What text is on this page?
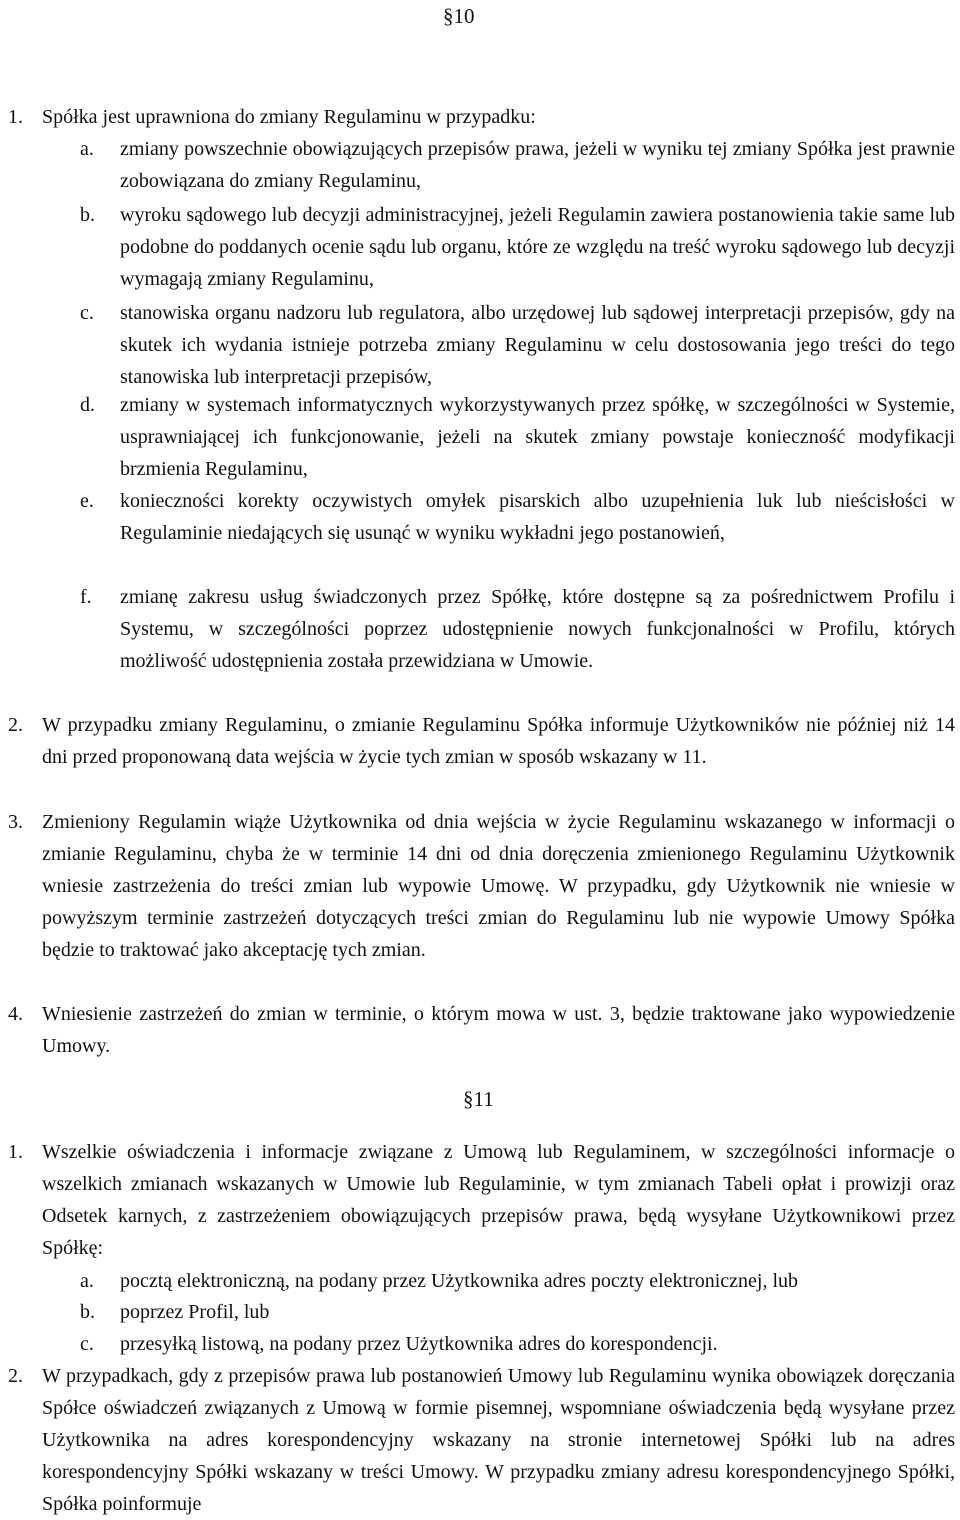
§10
1. Spółka jest uprawniona do zmiany Regulaminu w przypadku:

a. zmiany powszechnie obowiązujących przepisów prawa, jeżeli w wyniku tej zmiany Spółka jest prawnie zobowiązana do zmiany Regulaminu,

b. wyroku sądowego lub decyzji administracyjnej, jeżeli Regulamin zawiera postanowienia takie same lub podobne do poddanych ocenie sądu lub organu, które ze względu na treść wyroku sądowego lub decyzji wymagają zmiany Regulaminu,

c. stanowiska organu nadzoru lub regulatora, albo urzędowej lub sądowej interpretacji przepisów, gdy na skutek ich wydania istnieje potrzeba zmiany Regulaminu w celu dostosowania jego treści do tego stanowiska lub interpretacji przepisów,

d. zmiany w systemach informatycznych wykorzystywanych przez spółkę, w szczególności w Systemie, usprawniającej ich funkcjonowanie, jeżeli na skutek zmiany powstaje konieczność modyfikacji brzmienia Regulaminu,

e. konieczności korekty oczywistych omyłek pisarskich albo uzupełnienia luk lub nieścisłości w Regulaminie niedających się usunąć w wyniku wykładni jego postanowień,

f. zmianę zakresu usług świadczonych przez Spółkę, które dostępne są za pośrednictwem Profilu i Systemu, w szczególności poprzez udostępnienie nowych funkcjonalności w Profilu, których możliwość udostępnienia została przewidziana w Umowie.

2. W przypadku zmiany Regulaminu, o zmianie Regulaminu Spółka informuje Użytkowników nie później niż 14 dni przed proponowaną data wejścia w życie tych zmian w sposób wskazany w 11.

3. Zmieniony Regulamin wiąże Użytkownika od dnia wejścia w życie Regulaminu wskazanego w informacji o zmianie Regulaminu, chyba że w terminie 14 dni od dnia doręczenia zmienionego Regulaminu Użytkownik wniesie zastrzeżenia do treści zmian lub wypowie Umowę. W przypadku, gdy Użytkownik nie wniesie w powyższym terminie zastrzeżeń dotyczących treści zmian do Regulaminu lub nie wypowie Umowy Spółka będzie to traktować jako akceptację tych zmian.

4. Wniesienie zastrzeżeń do zmian w terminie, o którym mowa w ust. 3, będzie traktowane jako wypowiedzenie Umowy.

§11
1. Wszelkie oświadczenia i informacje związane z Umową lub Regulaminem, w szczególności informacje o wszelkich zmianach wskazanych w Umowie lub Regulaminie, w tym zmianach Tabeli opłat i prowizji oraz Odsetek karnych, z zastrzeżeniem obowiązujących przepisów prawa, będą wysyłane Użytkownikowi przez Spółkę:

a. pocztą elektroniczną, na podany przez Użytkownika adres poczty elektronicznej, lub

b. poprzez Profil, lub

c. przesyłką listową, na podany przez Użytkownika adres do korespondencji.

2. W przypadkach, gdy z przepisów prawa lub postanowień Umowy lub Regulaminu wynika obowiązek doręczania Spółce oświadczeń związanych z Umową w formie pisemnej, wspomniane oświadczenia będą wysyłane przez Użytkownika na adres korespondencyjny wskazany na stronie internetowej Spółki lub na adres korespondencyjny Spółki wskazany w treści Umowy. W przypadku zmiany adresu korespondencyjnego Spółki, Spółka poinformuje
